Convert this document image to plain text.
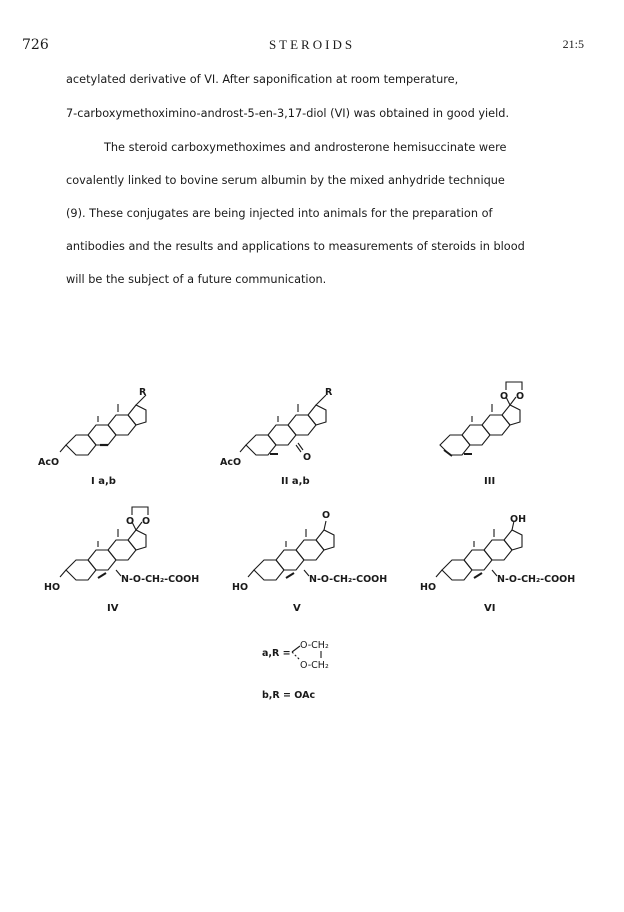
726	STEROIDS	21:5
acetylated derivative of VI. After saponification at room temperature,
7-carboxymethoximino-androst-5-en-3,17-diol (VI) was obtained in good yield.
The steroid carboxymethoximes and androsterone hemisuccinate were
covalently linked to bovine serum albumin by the mixed anhydride technique
(9). These conjugates are being injected into animals for the preparation of
antibodies and the results and applications to measurements of steroids in blood
will be the subject of a future communication.
R
AcO
I a,b
R
AcO	O
II a,b
O O
III
O O
HO
N-O-CH₂-COOH
IV
O
HO
N-O-CH₂-COOH
V
OH
HO
N-O-CH₂-COOH
VI
a,R =
O-CH₂
O-CH₂
b,R = OAc
